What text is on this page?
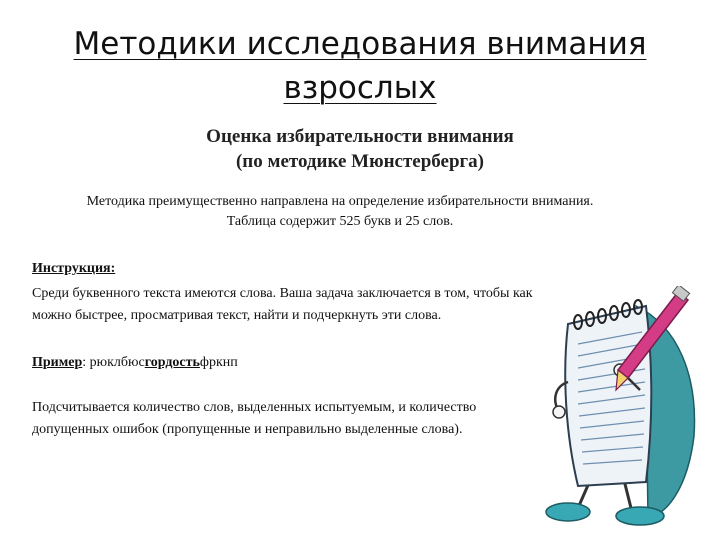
Методики исследования внимания
взрослых
Оценка избирательности внимания
(по методике Мюнстерберга)
Методика преимущественно направлена на определение избирательности внимания.
Таблица содержит 525 букв и 25 слов.

Инструкция:

Среди буквенного текста имеются слова. Ваша задача заключается в том, чтобы как
можно быстрее, просматривая текст, найти и подчеркнуть эти слова.

Пример: рюклбюсгордостьфркнп

Подсчитывается количество слов, выделенных испытуемым, и количество
допущенных ошибок (пропущенные и неправильно выделенные слова).
